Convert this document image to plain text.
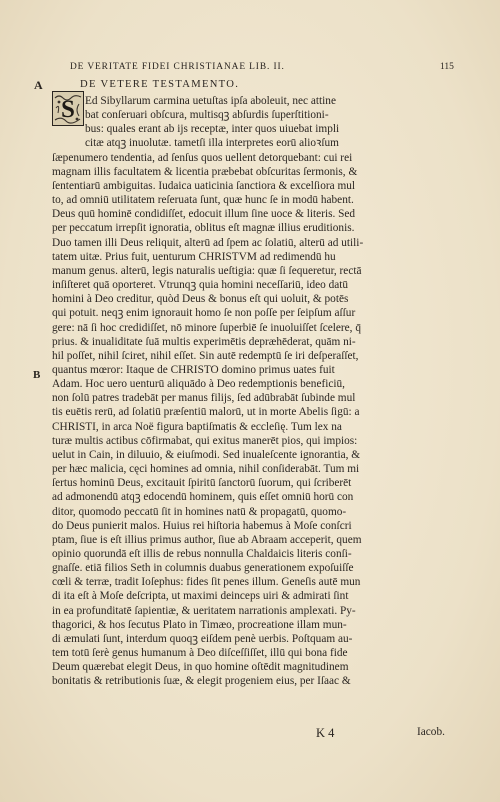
DE VERITATE FIDEI CHRISTIANAE LIB. II.	115
A
B
DE VETERE TESTAMENTO.
S Ed Sibyllarum carmina uetuſtas ipſa aboleuit, nec attine
bat conſeruari obſcura, multisqꝫ abſurdis ſuperſtitioni-
bus: quales erant ab ijs receptæ, inter quos uiuebat impli
citæ atqꝫ inuolutæ. tametſi illa interpretes eorū alioꝛſum
ſæpenumero tendentia, ad ſenſus quos uellent detorquebant: cui rei
magnam illis facultatem & licentia præbebat obſcuritas ſermonis, &
ſententiarū ambiguitas. Iudaica uaticinia ſanctiora & excelſiora mul
to, ad omniū utilitatem reſeruata ſunt, quæ hunc ſe in modū habent.
Deus quū hominē condidiſſet, edocuit illum ſine uoce & literis. Sed
per peccatum irrepſit ignoratia, oblitus eſt magnæ illius eruditionis.
Duo tamen illi Deus reliquit, alterū ad ſpem ac ſolatiū, alterū ad utili-
tatem uitæ. Prius fuit, uenturum CHRISTVM ad redimendū hu
manum genus. alterū, legis naturalis ueſtigia: quæ ſi ſequeretur, rectā
inſiſteret quā oporteret. Vtrunqꝫ quia homini neceſſariū, ideo datū
homini à Deo creditur, quòd Deus & bonus eſt qui uoluit, & potēs
qui potuit. neqꝫ enim ignorauit homo ſe non poſſe per ſeipſum aſſur
gere: nā ſi hoc credidiſſet, nō minore ſuperbiē ſe inuoluiſſet ſcelere, q̄
prius. & inualiditate ſuā multis experimētis depræhēderat, quām ni-
hil poſſet, nihil ſciret, nihil eſſet. Sin autē redemptū ſe iri deſperaſſet,
quantus mœror: Itaque de CHRISTO domino primus uates fuit
Adam. Hoc uero uenturū aliquādo à Deo redemptionis beneficiū,
non ſolū patres tradebāt per manus filijs, ſed adūbrabāt ſubinde mul
tis euētis rerū, ad ſolatiū præſentiū malorū, ut in morte Abelis ſigū: a
CHRISTI, in arca Noë figura baptiſmatis & eccleſię. Tum lex na
turæ multis actibus cōfirmabat, qui exitus manerēt pios, qui impios:
uelut in Cain, in diluuio, & eiuſmodi. Sed inualeſcente ignorantia, &
per hæc malicia, cęci homines ad omnia, nihil conſiderabāt. Tum mi
ſertus hominū Deus, excitauit ſpiritū ſanctorū ſuorum, qui ſcriberēt
ad admonendū atqꝫ edocendū hominem, quis eſſet omniū horū con
ditor, quomodo peccatū ſit in homines natū & propagatū, quomo-
do Deus punierit malos. Huius rei hiſtoria habemus à Moſe conſcri
ptam, ſiue is eſt illius primus author, ſiue ab Abraam acceperit, quem
opinio quorundā eſt illis de rebus nonnulla Chaldaicis literis conſi-
gnaſſe. etiā filios Seth in columnis duabus generationem expoſuiſſe
cœli & terræ, tradit Ioſephus: fides ſit penes illum. Geneſis autē mun
di ita eſt à Moſe deſcripta, ut maximi deinceps uiri & admirati ſint
in ea profunditatē ſapientiæ, & ueritatem narrationis amplexati. Py-
thagorici, & hos ſecutus Plato in Timæo, procreatione illam mun-
di æmulati ſunt, interdum quoqꝫ eiſdem penè uerbis. Poſtquam au-
tem totū ſerè genus humanum à Deo diſceſſiſſet, illū qui bona fide
Deum quærebat elegit Deus, in quo homine oſtēdit magnitudinem
bonitatis & retributionis ſuæ, & elegit progeniem eius, per Iſaac &
K 4	Iacob.
